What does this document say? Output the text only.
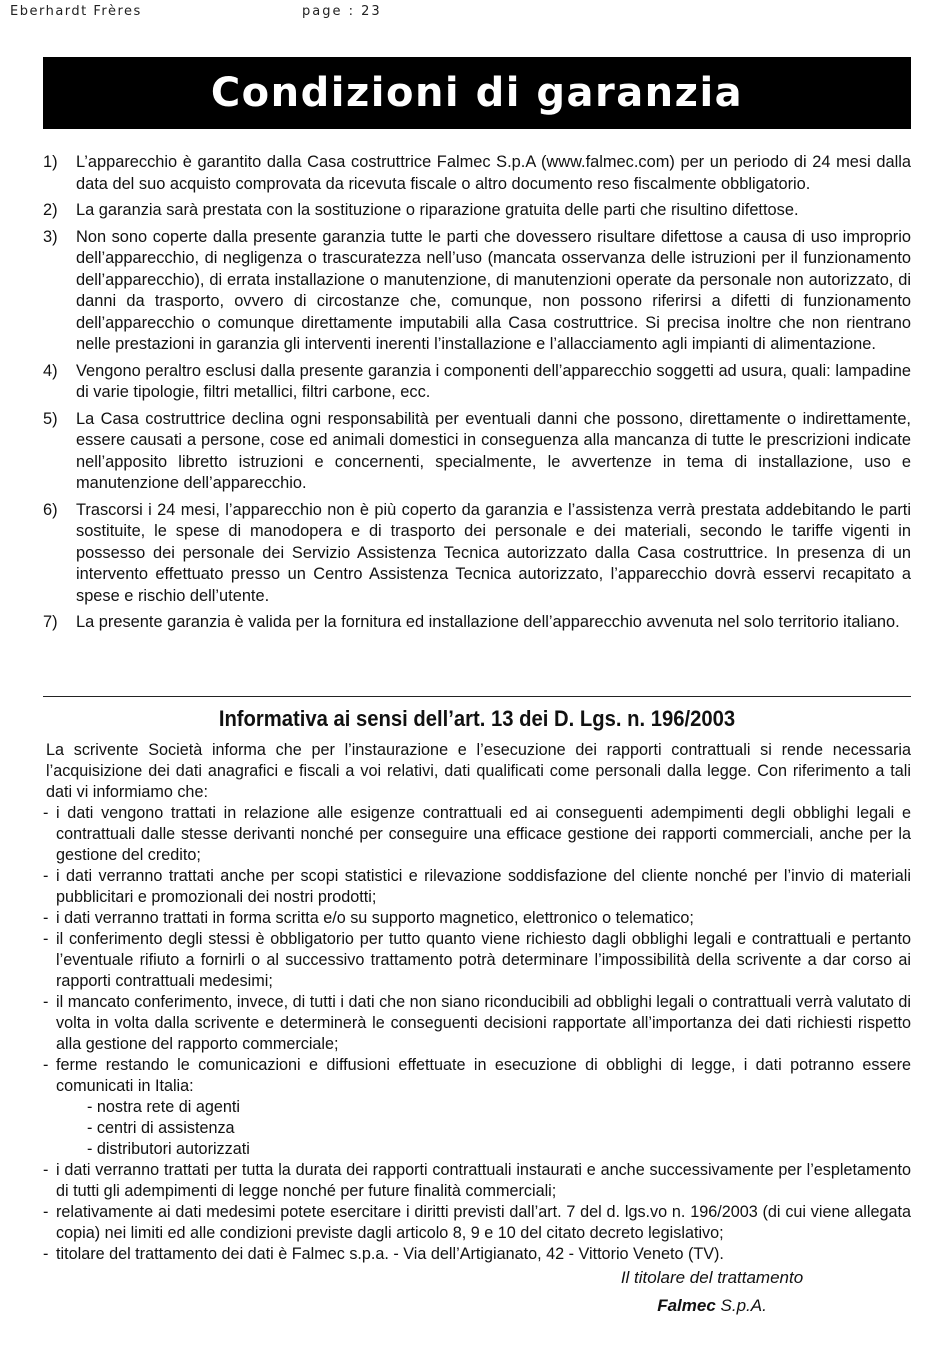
Eberhardt Frères	page : 23
Condizioni di garanzia
1)	L’apparecchio è garantito dalla Casa costruttrice Falmec S.p.A (www.falmec.com) per un periodo di 24 mesi dalla data del suo acquisto comprovata da ricevuta fiscale o altro documento reso fiscalmente obbligatorio.
2)	La garanzia sarà prestata con la sostituzione o riparazione gratuita delle parti che risultino difettose.
3)	Non sono coperte dalla presente garanzia tutte le parti che dovessero risultare difettose a causa di uso improprio dell’apparecchio, di negligenza o trascuratezza nell’uso (mancata osservanza delle istruzioni per il funzionamento dell’apparecchio), di errata installazione o manutenzione, di manutenzioni operate da personale non autorizzato, di danni da trasporto, ovvero di circostanze che, comunque, non possono riferirsi a difetti di funzionamento dell’apparecchio o comunque direttamente imputabili alla Casa costruttrice. Si precisa inoltre che non rientrano nelle prestazioni in garanzia gli interventi inerenti l’installazione e l’allacciamento agli impianti di alimentazione.
4)	Vengono peraltro esclusi dalla presente garanzia i componenti dell’apparecchio soggetti ad usura, quali: lampadine di varie tipologie, filtri metallici, filtri carbone, ecc.
5)	La Casa costruttrice declina ogni responsabilità per eventuali danni che possono, direttamente o indirettamente, essere causati a persone, cose ed animali domestici in conseguenza alla mancanza di tutte le prescrizioni indicate nell’apposito libretto istruzioni e concernenti, specialmente, le avvertenze in tema di installazione, uso e manutenzione dell’apparecchio.
6)	Trascorsi i 24 mesi, l’apparecchio non è più coperto da garanzia e l’assistenza verrà prestata addebitando le parti sostituite, le spese di manodopera e di trasporto dei personale e dei materiali, secondo le tariffe vigenti in possesso dei personale dei Servizio Assistenza Tecnica autorizzato dalla Casa costruttrice. In presenza di un intervento effettuato presso un Centro Assistenza Tecnica autorizzato, l’apparecchio dovrà esservi recapitato a spese e rischio dell’utente.
7)	La presente garanzia è valida per la fornitura ed installazione dell’apparecchio avvenuta nel solo territorio italiano.
Informativa ai sensi dell’art. 13 dei D. Lgs. n. 196/2003
La scrivente Società informa che per l’instaurazione e l’esecuzione dei rapporti contrattuali si rende necessaria l’acquisizione dei dati anagrafici e fiscali a voi relativi, dati qualificati come personali dalla legge. Con riferimento a tali dati vi informiamo che:
- i dati vengono trattati in relazione alle esigenze contrattuali ed ai conseguenti adempimenti degli obblighi legali e contrattuali dalle stesse derivanti nonché per conseguire una efficace gestione dei rapporti commerciali, anche per la gestione del credito;
- i dati verranno trattati anche per scopi statistici e rilevazione soddisfazione del cliente nonché per l’invio di materiali pubblicitari e promozionali dei nostri prodotti;
- i dati verranno trattati in forma scritta e/o su supporto magnetico, elettronico o telematico;
- il conferimento degli stessi è obbligatorio per tutto quanto viene richiesto dagli obblighi legali e contrattuali e pertanto l’eventuale rifiuto a fornirli o al successivo trattamento potrà determinare l’impossibilità della scrivente a dar corso ai rapporti contrattuali medesimi;
- il mancato conferimento, invece, di tutti i dati che non siano riconducibili ad obblighi legali o contrattuali verrà valutato di volta in volta dalla scrivente e determinerà le conseguenti decisioni rapportate all’importanza dei dati richiesti rispetto alla gestione del rapporto commerciale;
- ferme restando le comunicazioni e diffusioni effettuate in esecuzione di obblighi di legge, i dati potranno essere comunicati in Italia:
- nostra rete di agenti
- centri di assistenza
- distributori autorizzati
- i dati verranno trattati per tutta la durata dei rapporti contrattuali instaurati e anche successivamente per l’espletamento di tutti gli adempimenti di legge nonché per future finalità commerciali;
- relativamente ai dati medesimi potete esercitare i diritti previsti dall’art. 7 del d. lgs.vo n. 196/2003 (di cui viene allegata copia) nei limiti ed alle condizioni previste dagli articolo 8, 9 e 10 del citato decreto legislativo;
- titolare del trattamento dei dati è Falmec s.p.a. - Via dell’Artigianato, 42 - Vittorio Veneto (TV).
Il titolare del trattamento
Falmec S.p.A.
